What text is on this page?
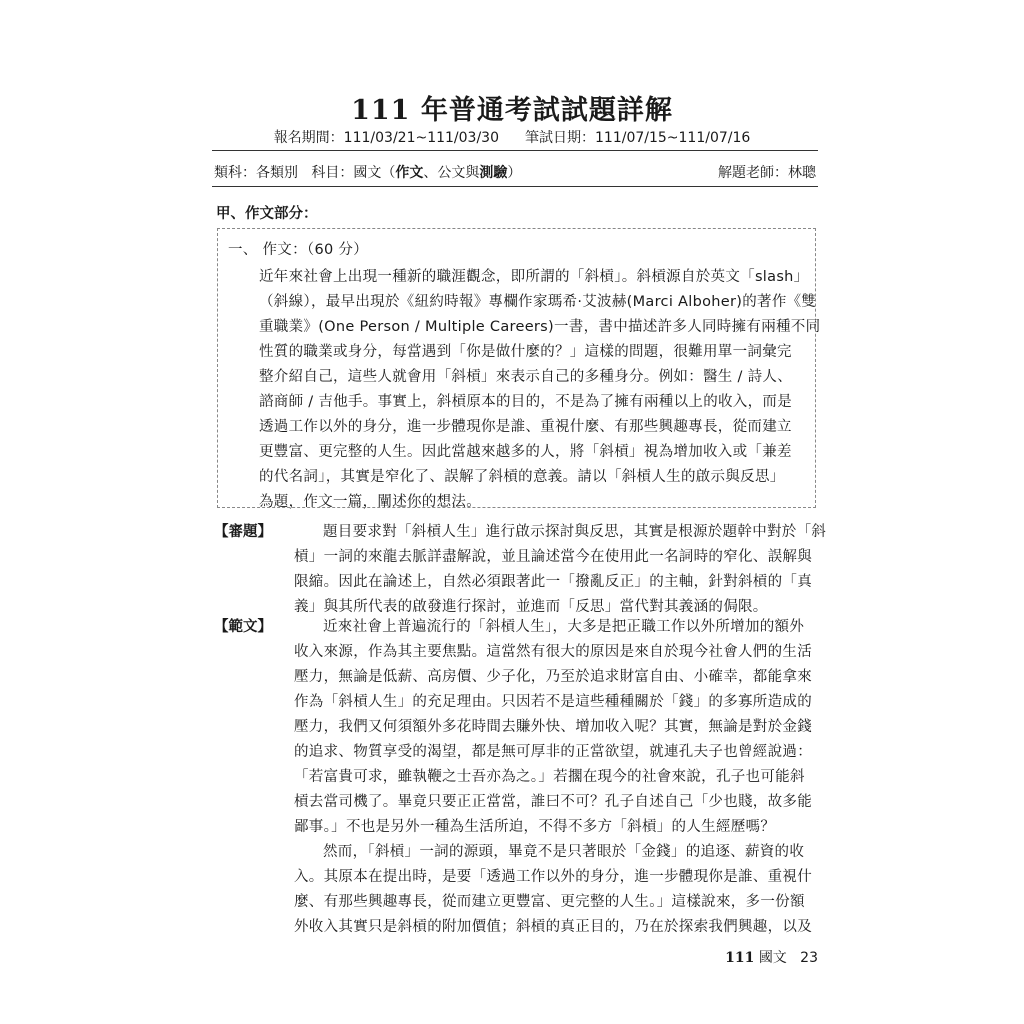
111 年普通考試試題詳解
報名期間：111/03/21~111/03/30 筆試日期：111/07/15~111/07/16
類科：各類別 科目：國文（作文、公文與測驗）	解題老師：林聰
甲、作文部分：
一、 作文：（60 分）
近年來社會上出現一種新的職涯觀念，即所謂的「斜槓」。斜槓源自於英文「slash」
（斜線），最早出現於《紐約時報》專欄作家瑪希·艾波赫(Marci Alboher)的著作《雙
重職業》(One Person / Multiple Careers)一書，書中描述許多人同時擁有兩種不同
性質的職業或身分，每當遇到「你是做什麼的？」這樣的問題，很難用單一詞彙完
整介紹自己，這些人就會用「斜槓」來表示自己的多種身分。例如：醫生 / 詩人、
諮商師 / 吉他手。事實上，斜槓原本的目的，不是為了擁有兩種以上的收入，而是
透過工作以外的身分，進一步體現你是誰、重視什麼、有那些興趣專長，從而建立
更豐富、更完整的人生。因此當越來越多的人，將「斜槓」視為增加收入或「兼差
的代名詞」，其實是窄化了、誤解了斜槓的意義。請以「斜槓人生的啟示與反思」
為題，作文一篇，闡述你的想法。
【審題】	題目要求對「斜槓人生」進行啟示探討與反思，其實是根源於題幹中對於「斜
槓」一詞的來龍去脈詳盡解說，並且論述當今在使用此一名詞時的窄化、誤解與
限縮。因此在論述上，自然必須跟著此一「撥亂反正」的主軸，針對斜槓的「真
義」與其所代表的啟發進行探討，並進而「反思」當代對其義涵的侷限。
【範文】	近來社會上普遍流行的「斜槓人生」，大多是把正職工作以外所增加的額外
收入來源，作為其主要焦點。這當然有很大的原因是來自於現今社會人們的生活
壓力，無論是低薪、高房價、少子化，乃至於追求財富自由、小確幸，都能拿來
作為「斜槓人生」的充足理由。只因若不是這些種種關於「錢」的多寡所造成的
壓力，我們又何須額外多花時間去賺外快、增加收入呢？其實，無論是對於金錢
的追求、物質享受的渴望，都是無可厚非的正當欲望，就連孔夫子也曾經說過：
「若富貴可求，雖執鞭之士吾亦為之。」若擱在現今的社會來說，孔子也可能斜
槓去當司機了。畢竟只要正正當當，誰曰不可？孔子自述自己「少也賤，故多能
鄙事。」不也是另外一種為生活所迫，不得不多方「斜槓」的人生經歷嗎？
然而，「斜槓」一詞的源頭，畢竟不是只著眼於「金錢」的追逐、薪資的收
入。其原本在提出時，是要「透過工作以外的身分，進一步體現你是誰、重視什
麼、有那些興趣專長，從而建立更豐富、更完整的人生。」這樣說來，多一份額
外收入其實只是斜槓的附加價值；斜槓的真正目的，乃在於探索我們興趣，以及
111 國文 23
